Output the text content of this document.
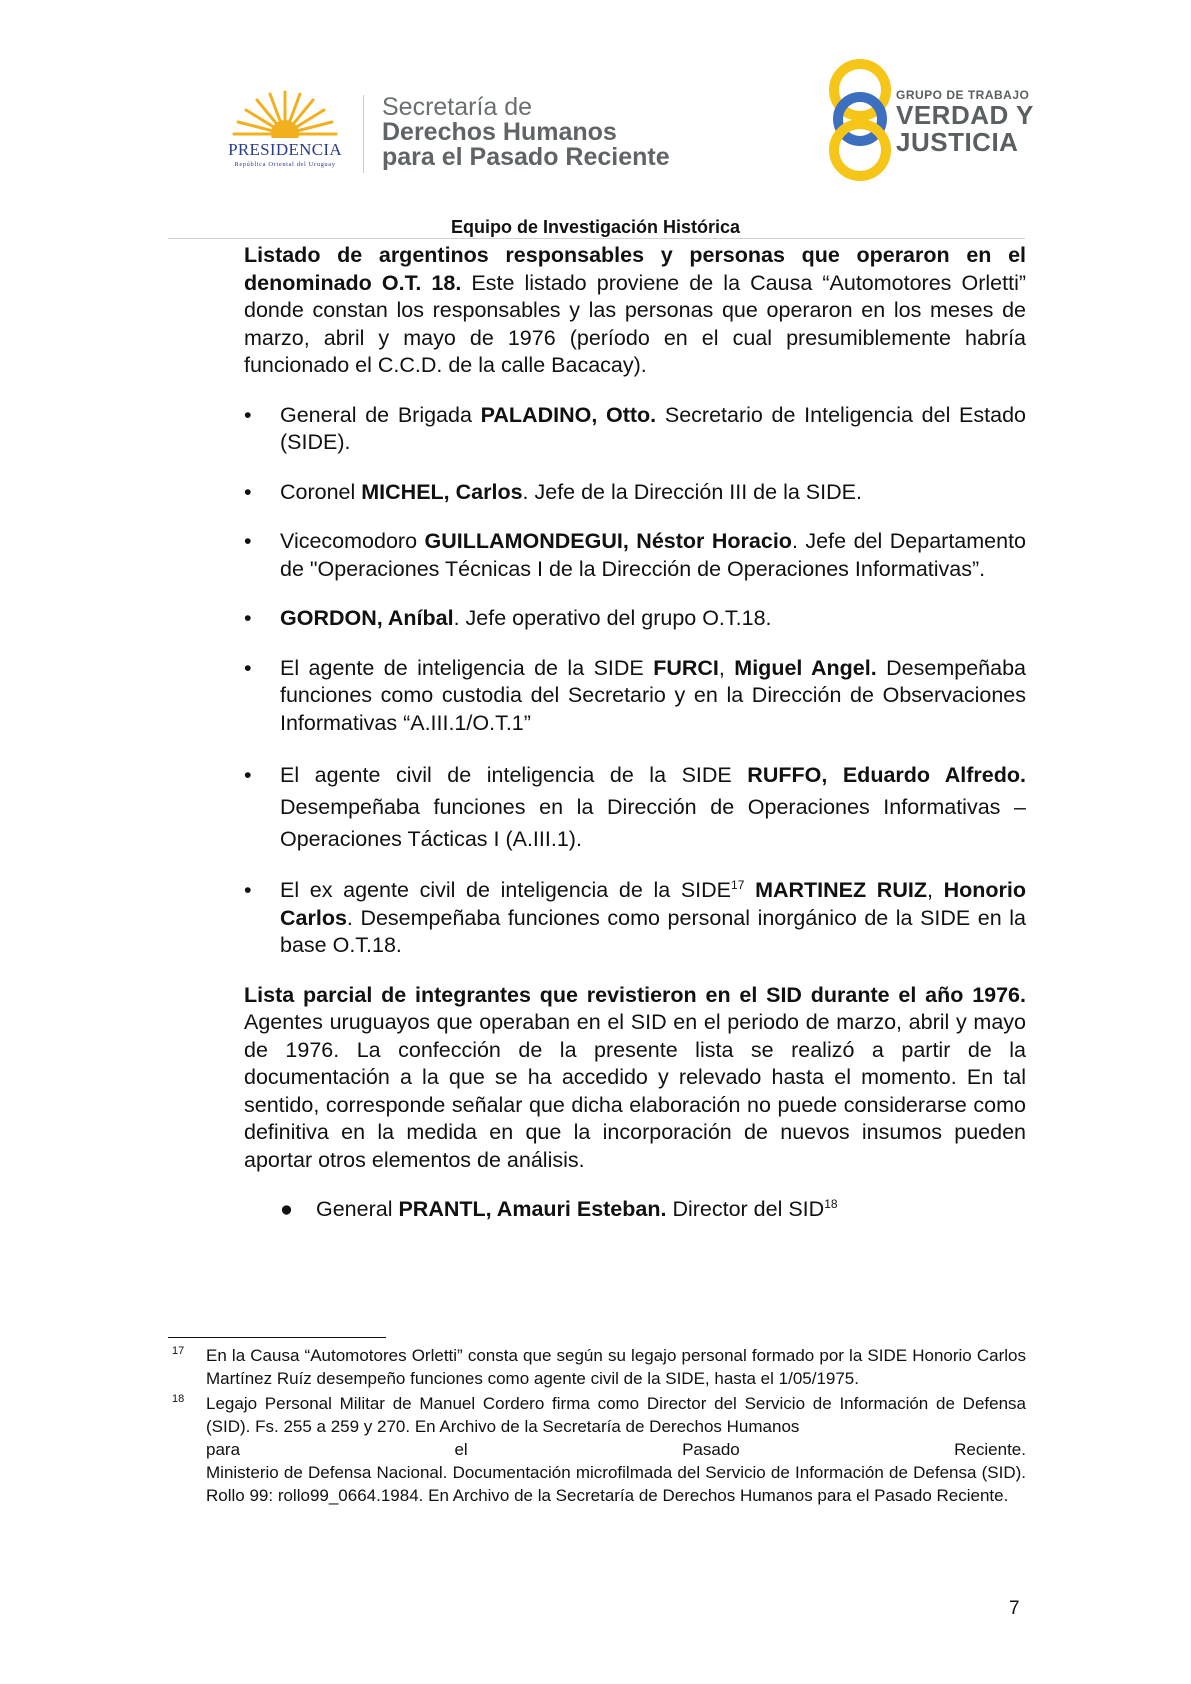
PRESIDENCIA
República Oriental del Uruguay
Secretaría de
Derechos Humanos
para el Pasado Reciente
GRUPO DE TRABAJO
VERDAD Y
JUSTICIA
Equipo de Investigación Histórica

Listado de argentinos responsables y personas que operaron en el denominado O.T. 18. Este listado proviene de la Causa “Automotores Orletti” donde constan los responsables y las personas que operaron en los meses de marzo, abril y mayo de 1976 (período en el cual presumiblemente habría funcionado el C.C.D. de la calle Bacacay).

• General de Brigada PALADINO, Otto. Secretario de Inteligencia del Estado (SIDE).
• Coronel MICHEL, Carlos. Jefe de la Dirección III de la SIDE.
• Vicecomodoro GUILLAMONDEGUI, Néstor Horacio. Jefe del Departamento de "Operaciones Técnicas I de la Dirección de Operaciones Informativas”.
• GORDON, Aníbal. Jefe operativo del grupo O.T.18.
• El agente de inteligencia de la SIDE FURCI, Miguel Angel. Desempeñaba funciones como custodia del Secretario y en la Dirección de Observaciones Informativas “A.III.1/O.T.1”
• El agente civil de inteligencia de la SIDE RUFFO, Eduardo Alfredo. Desempeñaba funciones en la Dirección de Operaciones Informativas –Operaciones Tácticas I (A.III.1).
• El ex agente civil de inteligencia de la SIDE$^{17}$ MARTINEZ RUIZ, Honorio Carlos. Desempeñaba funciones como personal inorgánico de la SIDE en la base O.T.18.

Lista parcial de integrantes que revistieron en el SID durante el año 1976. Agentes uruguayos que operaban en el SID en el periodo de marzo, abril y mayo de 1976. La confección de la presente lista se realizó a partir de la documentación a la que se ha accedido y relevado hasta el momento. En tal sentido, corresponde señalar que dicha elaboración no puede considerarse como definitiva en la medida en que la incorporación de nuevos insumos pueden aportar otros elementos de análisis.

● General PRANTL, Amauri Esteban. Director del SID$^{18}$
17 En la Causa “Automotores Orletti” consta que según su legajo personal formado por la SIDE Honorio Carlos Martínez Ruíz desempeño funciones como agente civil de la SIDE, hasta el 1/05/1975.
18 Legajo Personal Militar de Manuel Cordero firma como Director del Servicio de Información de Defensa (SID). Fs. 255 a 259 y 270. En Archivo de la Secretaría de Derechos Humanos
para	el	Pasado	Reciente.
Ministerio de Defensa Nacional. Documentación microfilmada del Servicio de Información de Defensa (SID). Rollo 99: rollo99_0664.1984. En Archivo de la Secretaría de Derechos Humanos para el Pasado Reciente.
7
